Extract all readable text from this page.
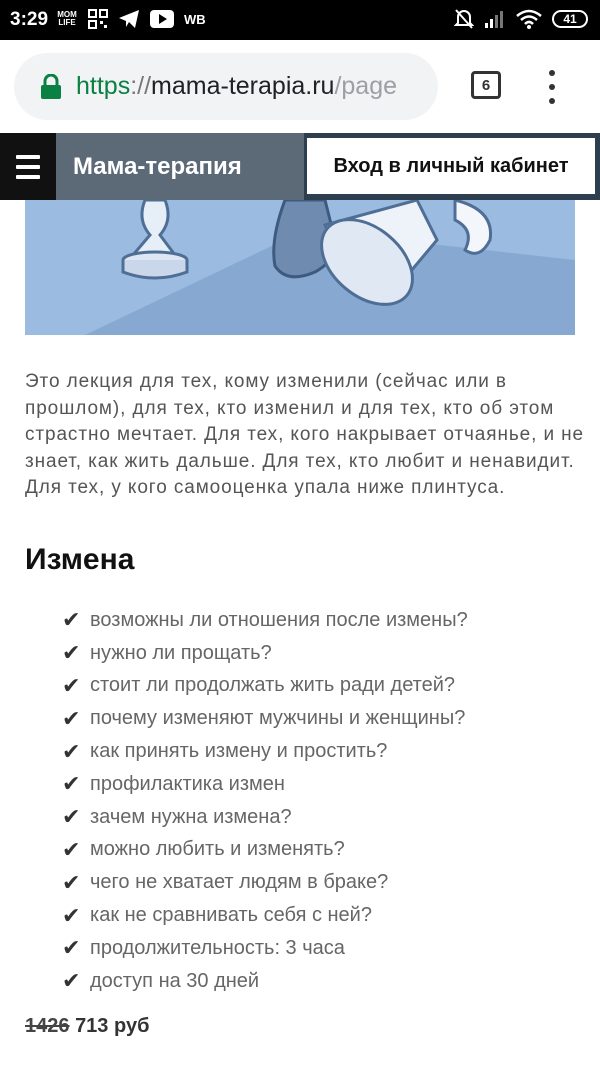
3:29 MOM
LIFE	WB	41
https://mama-terapia.ru/page	6
Мама-терапия	Вход в личный кабинет

Это лекция для тех, кому изменили (сейчас или в прошлом), для тех, кто изменил и для тех, кто об этом страстно мечтает. Для тех, кого накрывает отчаянье, и не знает, как жить дальше. Для тех, кто любит и ненавидит. Для тех, у кого самооценка упала ниже плинтуса.

Измена
✔ возможны ли отношения после измены?
✔ нужно ли прощать?
✔ стоит ли продолжать жить ради детей?
✔ почему изменяют мужчины и женщины?
✔ как принять измену и простить?
✔ профилактика измен
✔ зачем нужна измена?
✔ можно любить и изменять?
✔ чего не хватает людям в браке?
✔ как не сравнивать себя с ней?
✔ продолжительность: 3 часа
✔ доступ на 30 дней
1426 713 руб
